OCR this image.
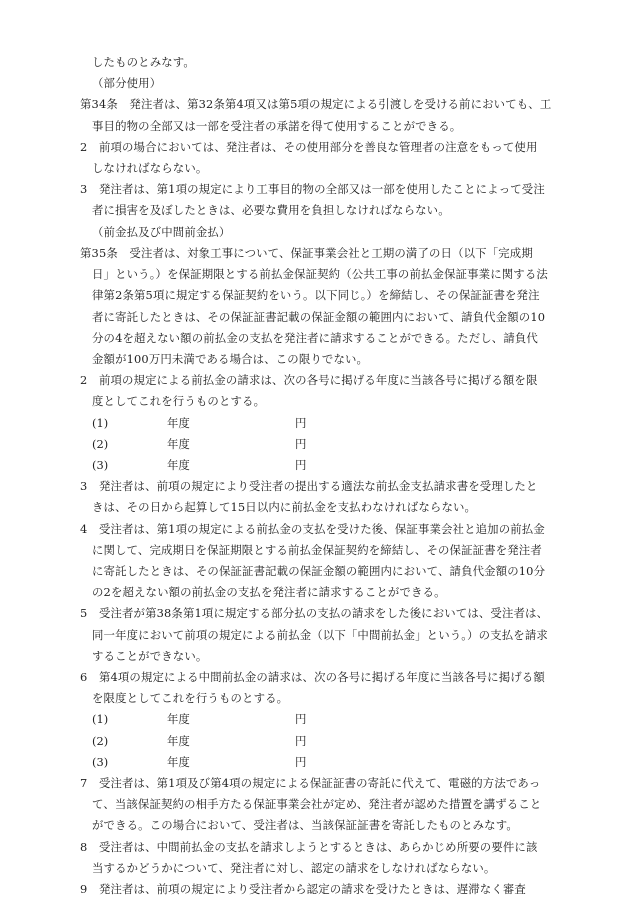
したものとみなす。
（部分使用）
第34条　発注者は、第32条第4項又は第5項の規定による引渡しを受ける前においても、工
事目的物の全部又は一部を受注者の承諾を得て使用することができる。
2　前項の場合においては、発注者は、その使用部分を善良な管理者の注意をもって使用
しなければならない。
3　発注者は、第1項の規定により工事目的物の全部又は一部を使用したことによって受注
者に損害を及ぼしたときは、必要な費用を負担しなければならない。
（前金払及び中間前金払）
第35条　受注者は、対象工事について、保証事業会社と工期の満了の日（以下「完成期
日」という。）を保証期限とする前払金保証契約（公共工事の前払金保証事業に関する法
律第2条第5項に規定する保証契約をいう。以下同じ。）を締結し、その保証証書を発注
者に寄託したときは、その保証証書記載の保証金額の範囲内において、請負代金額の10
分の4を超えない額の前払金の支払を発注者に請求することができる。ただし、請負代
金額が100万円未満である場合は、この限りでない。
2　前項の規定による前払金の請求は、次の各号に掲げる年度に当該各号に掲げる額を限
度としてこれを行うものとする。
(1)	年度	円
(2)	年度	円
(3)	年度	円
3　発注者は、前項の規定により受注者の提出する適法な前払金支払請求書を受理したと
きは、その日から起算して15日以内に前払金を支払わなければならない。
4　受注者は、第1項の規定による前払金の支払を受けた後、保証事業会社と追加の前払金
に関して、完成期日を保証期限とする前払金保証契約を締結し、その保証証書を発注者
に寄託したときは、その保証証書記載の保証金額の範囲内において、請負代金額の10分
の2を超えない額の前払金の支払を発注者に請求することができる。
5　受注者が第38条第1項に規定する部分払の支払の請求をした後においては、受注者は、
同一年度において前項の規定による前払金（以下「中間前払金」という。）の支払を請求
することができない。
6　第4項の規定による中間前払金の請求は、次の各号に掲げる年度に当該各号に掲げる額
を限度としてこれを行うものとする。
(1)	年度	円
(2)	年度	円
(3)	年度	円
7　受注者は、第1項及び第4項の規定による保証証書の寄託に代えて、電磁的方法であっ
て、当該保証契約の相手方たる保証事業会社が定め、発注者が認めた措置を講ずること
ができる。この場合において、受注者は、当該保証証書を寄託したものとみなす。
8　受注者は、中間前払金の支払を請求しようとするときは、あらかじめ所要の要件に該
当するかどうかについて、発注者に対し、認定の請求をしなければならない。
9　発注者は、前項の規定により受注者から認定の請求を受けたときは、遅滞なく審査
